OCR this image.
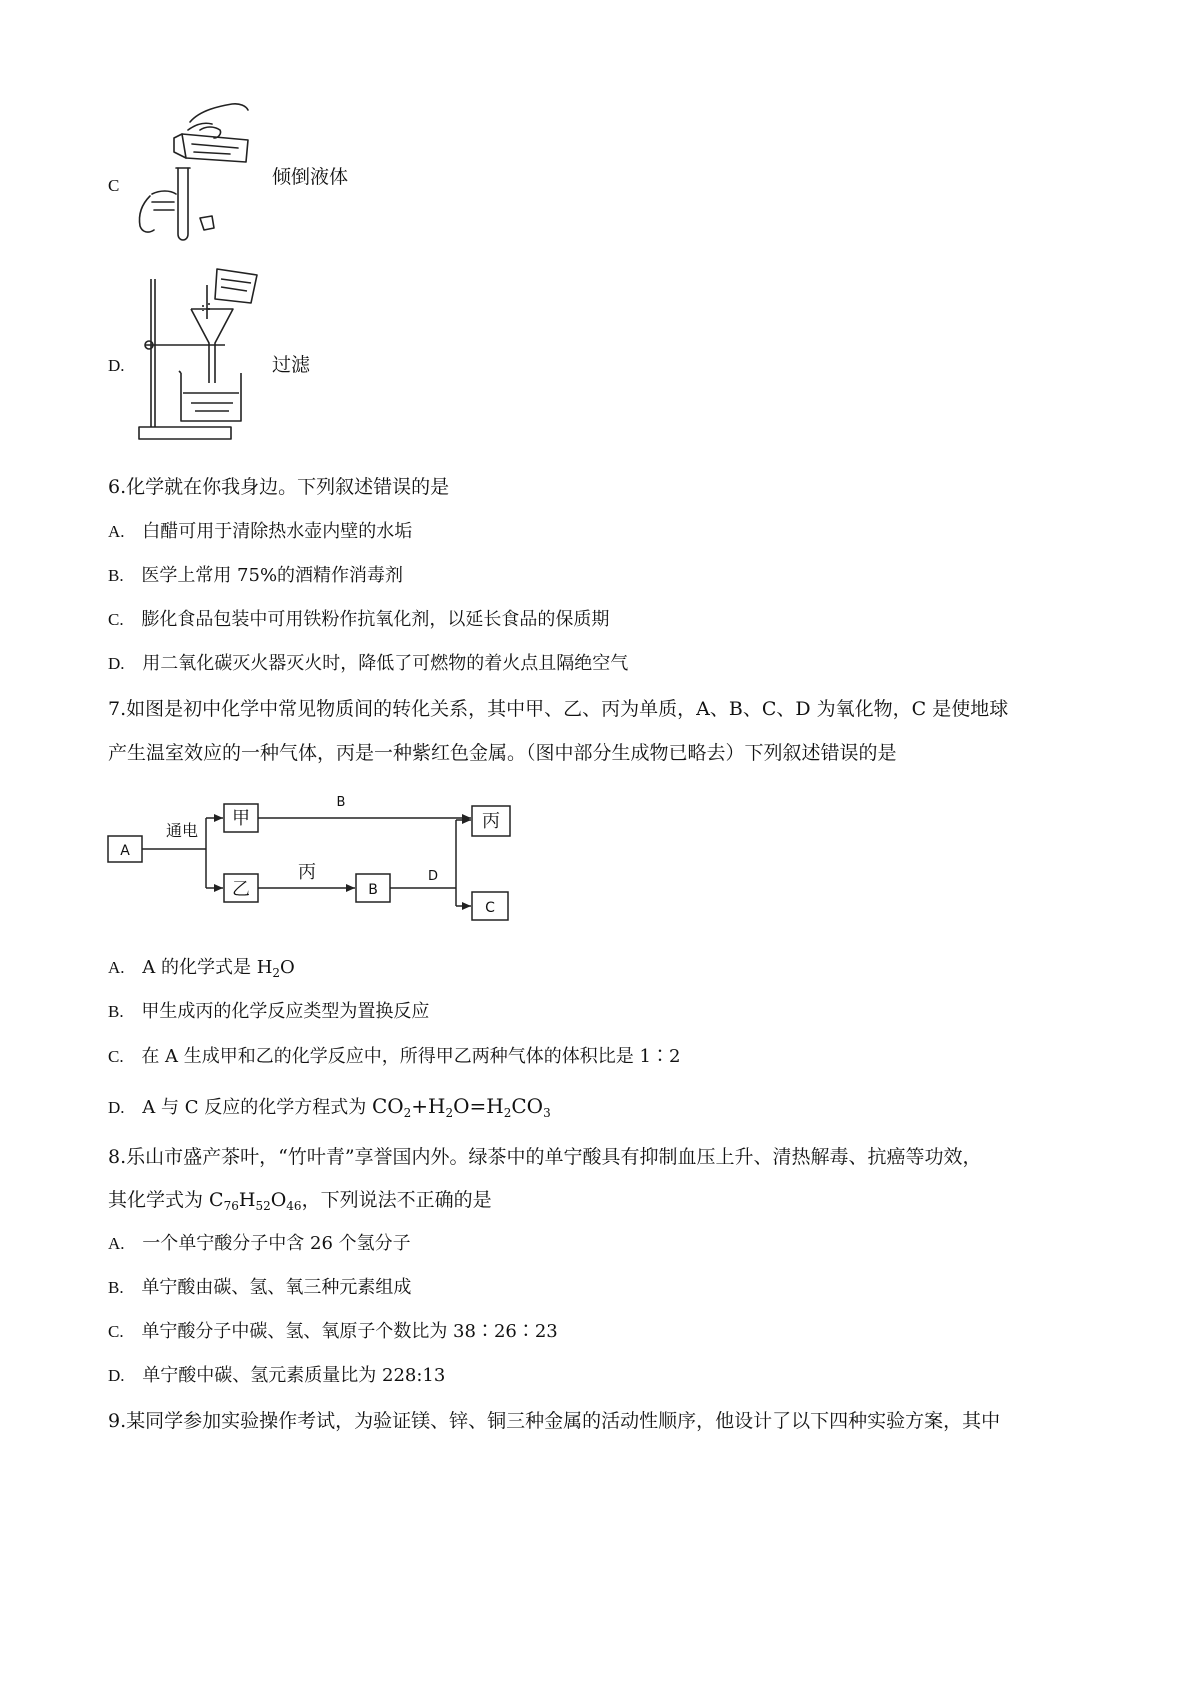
C	倾倒液体
D.	过滤
6.化学就在你我身边。下列叙述错误的是
A. 白醋可用于清除热水壶内壁的水垢
B. 医学上常用 75%的酒精作消毒剂
C. 膨化食品包装中可用铁粉作抗氧化剂，以延长食品的保质期
D. 用二氧化碳灭火器灭火时，降低了可燃物的着火点且隔绝空气
7.如图是初中化学中常见物质间的转化关系，其中甲、乙、丙为单质，A、B、C、D 为氧化物，C 是使地球
产生温室效应的一种气体，丙是一种紫红色金属。（图中部分生成物已略去）下列叙述错误的是
A
通电
甲
B
丙
乙
丙
B
D
C
A. A 的化学式是 $H_2O$
B. 甲生成丙的化学反应类型为置换反应
C. 在 A 生成甲和乙的化学反应中，所得甲乙两种气体的体积比是 1∶2
D. A 与 C 反应的化学方程式为 $CO_2+H_2O=H_2CO_3$
8.乐山市盛产茶叶，“竹叶青”享誉国内外。绿茶中的单宁酸具有抑制血压上升、清热解毒、抗癌等功效，
其化学式为 $C_{76}H_{52}O_{46}$，下列说法不正确的是
A. 一个单宁酸分子中含 26 个氢分子
B. 单宁酸由碳、氢、氧三种元素组成
C. 单宁酸分子中碳、氢、氧原子个数比为 38∶26∶23
D. 单宁酸中碳、氢元素质量比为 228:13
9.某同学参加实验操作考试，为验证镁、锌、铜三种金属的活动性顺序，他设计了以下四种实验方案，其中
